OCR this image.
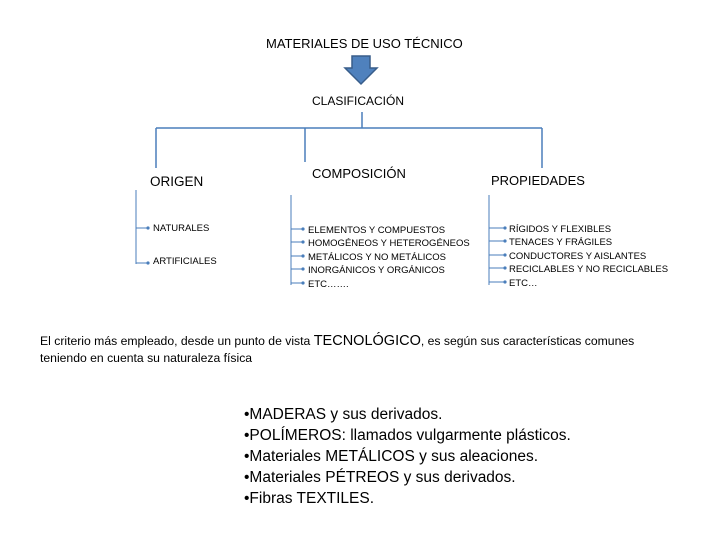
MATERIALES DE USO TÉCNICO
CLASIFICACIÓN
ORIGEN
COMPOSICIÓN	PROPIEDADES
NATURALES
ARTIFICIALES
ELEMENTOS Y COMPUESTOS
HOMOGÉNEOS Y HETEROGÉNEOS
METÁLICOS Y NO METÁLICOS
INORGÁNICOS Y ORGÁNICOS
ETC…….
RÍGIDOS Y FLEXIBLES
TENACES Y FRÁGILES
CONDUCTORES Y AISLANTES
RECICLABLES Y NO RECICLABLES
ETC…
El criterio más empleado, desde un punto de vista TECNOLÓGICO, es según sus características comunes teniendo en cuenta su naturaleza física
•MADERAS y sus derivados.
•POLÍMEROS: llamados vulgarmente plásticos.
•Materiales METÁLICOS y sus aleaciones.
•Materiales PÉTREOS y sus derivados.
•Fibras TEXTILES.
